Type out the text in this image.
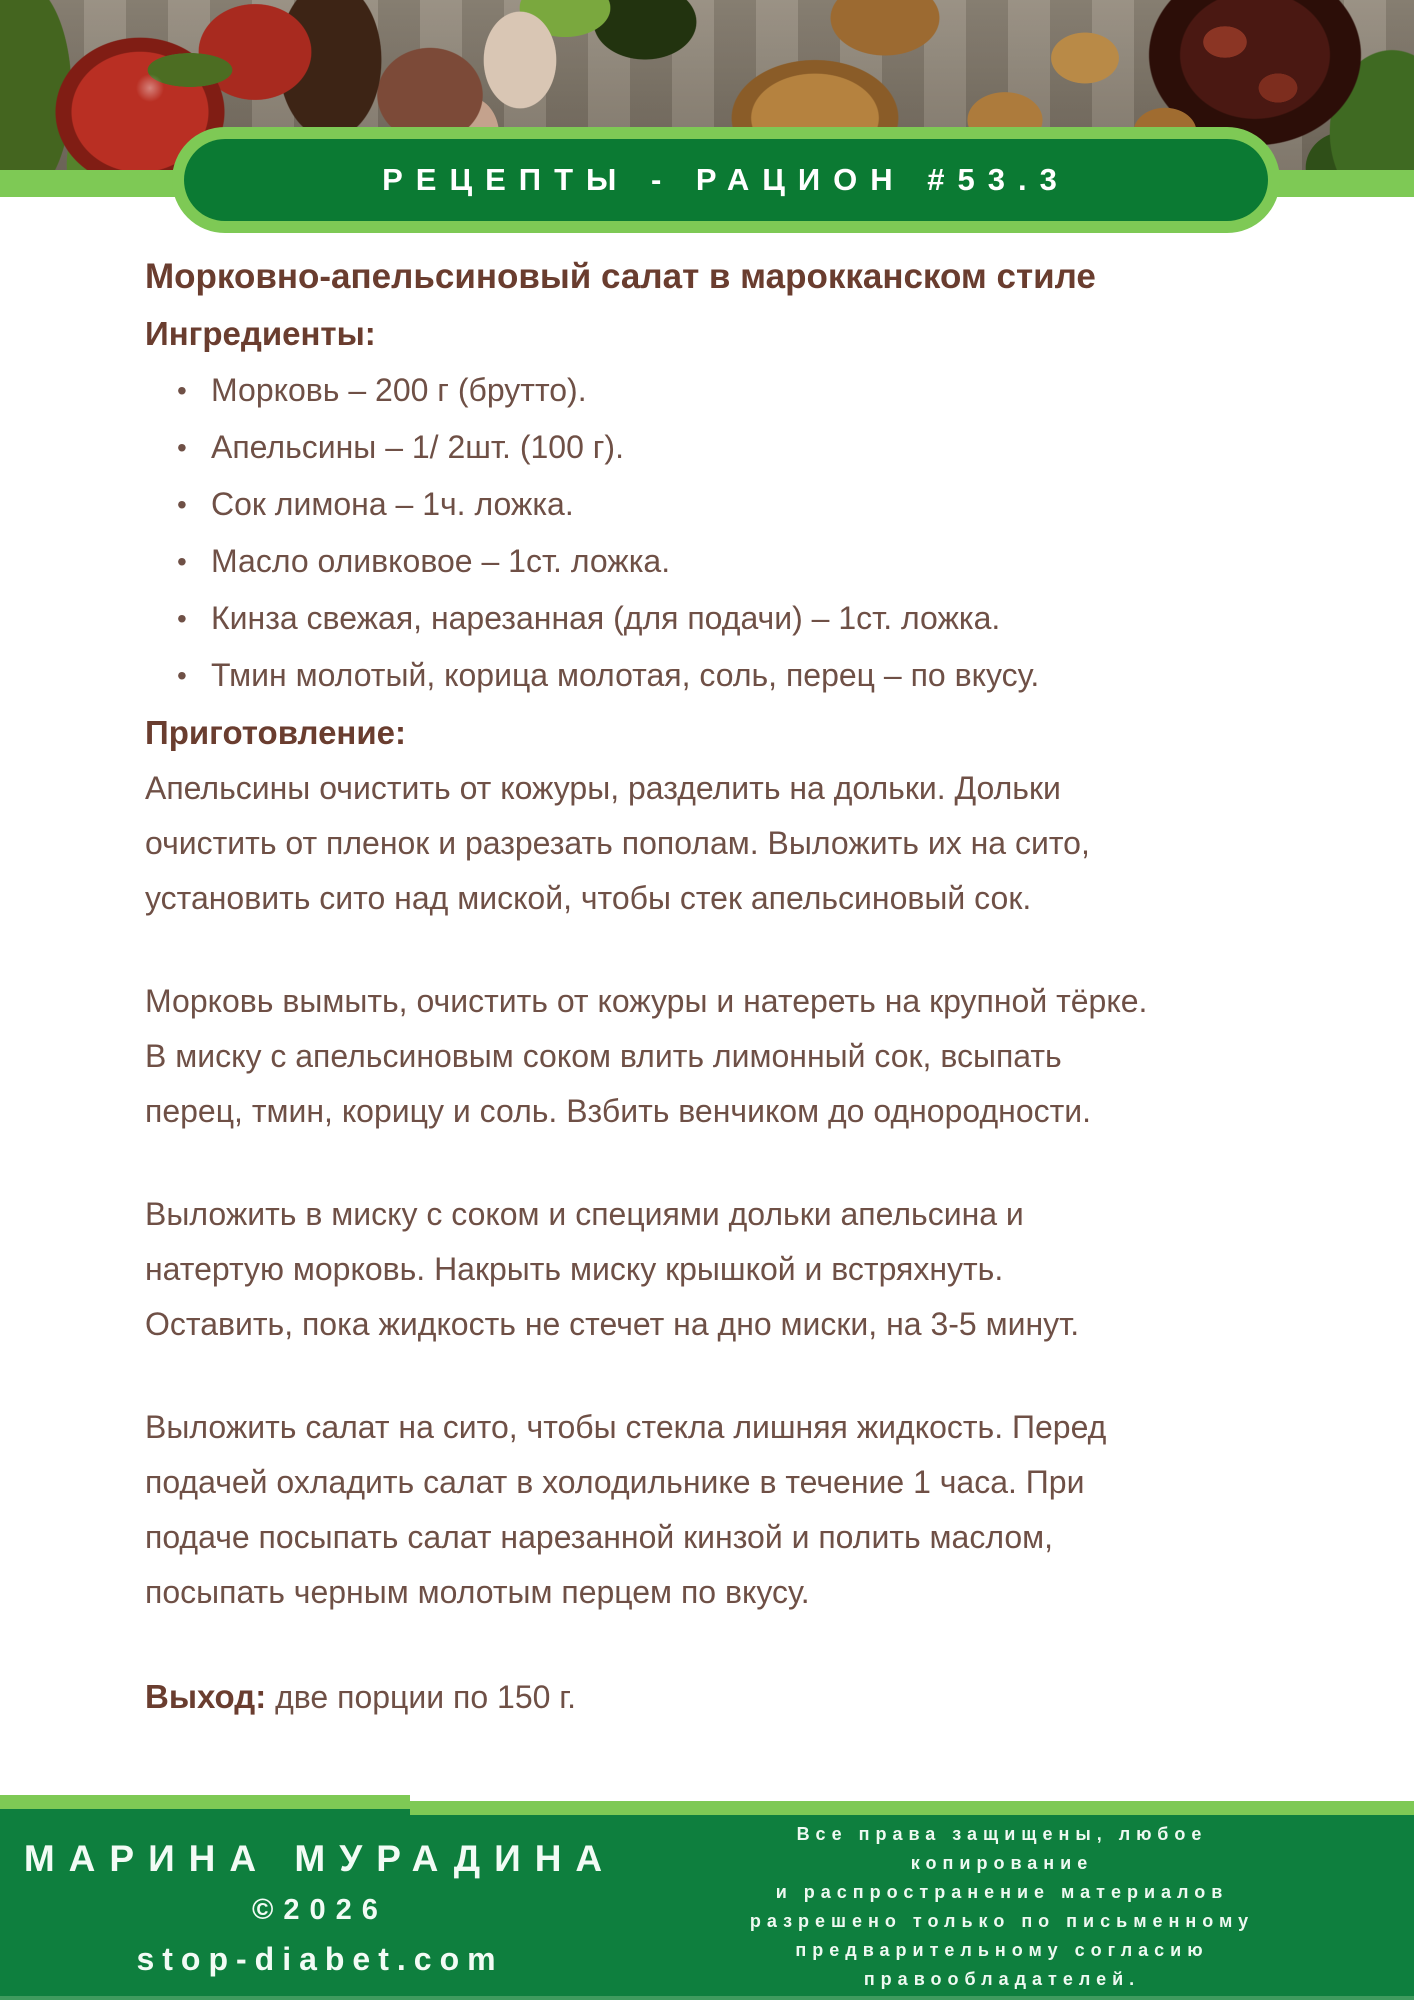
РЕЦЕПТЫ - РАЦИОН #53.3
Морковно-апельсиновый салат в марокканском стиле
Ингредиенты:
• Морковь – 200 г (брутто).
• Апельсины – 1/ 2шт. (100 г).
• Сок лимона – 1ч. ложка.
• Масло оливковое – 1ст. ложка.
• Кинза свежая, нарезанная (для подачи) – 1ст. ложка.
• Тмин молотый, корица молотая, соль, перец – по вкусу.
Приготовление:

Апельсины очистить от кожуры, разделить на дольки. Дольки очистить от пленок и разрезать пополам. Выложить их на сито, установить сито над миской, чтобы стек апельсиновый сок.

Морковь вымыть, очистить от кожуры и натереть на крупной тёрке. В миску с апельсиновым соком влить лимонный сок, всыпать перец, тмин, корицу и соль. Взбить венчиком до однородности.

Выложить в миску с соком и специями дольки апельсина и натертую морковь. Накрыть миску крышкой и встряхнуть. Оставить, пока жидкость не стечет на дно миски, на 3-5 минут.

Выложить салат на сито, чтобы стекла лишняя жидкость. Перед подачей охладить салат в холодильнике в течение 1 часа. При подаче посыпать салат нарезанной кинзой и полить маслом, посыпать черным молотым перцем по вкусу.

Выход: две порции по 150 г.
МАРИНА МУРАДИНА
©2026
stop-diabet.com
Все права защищены, любое
копирование
и распространение материалов
разрешено только по письменному
предварительному согласию
правообладателей.
